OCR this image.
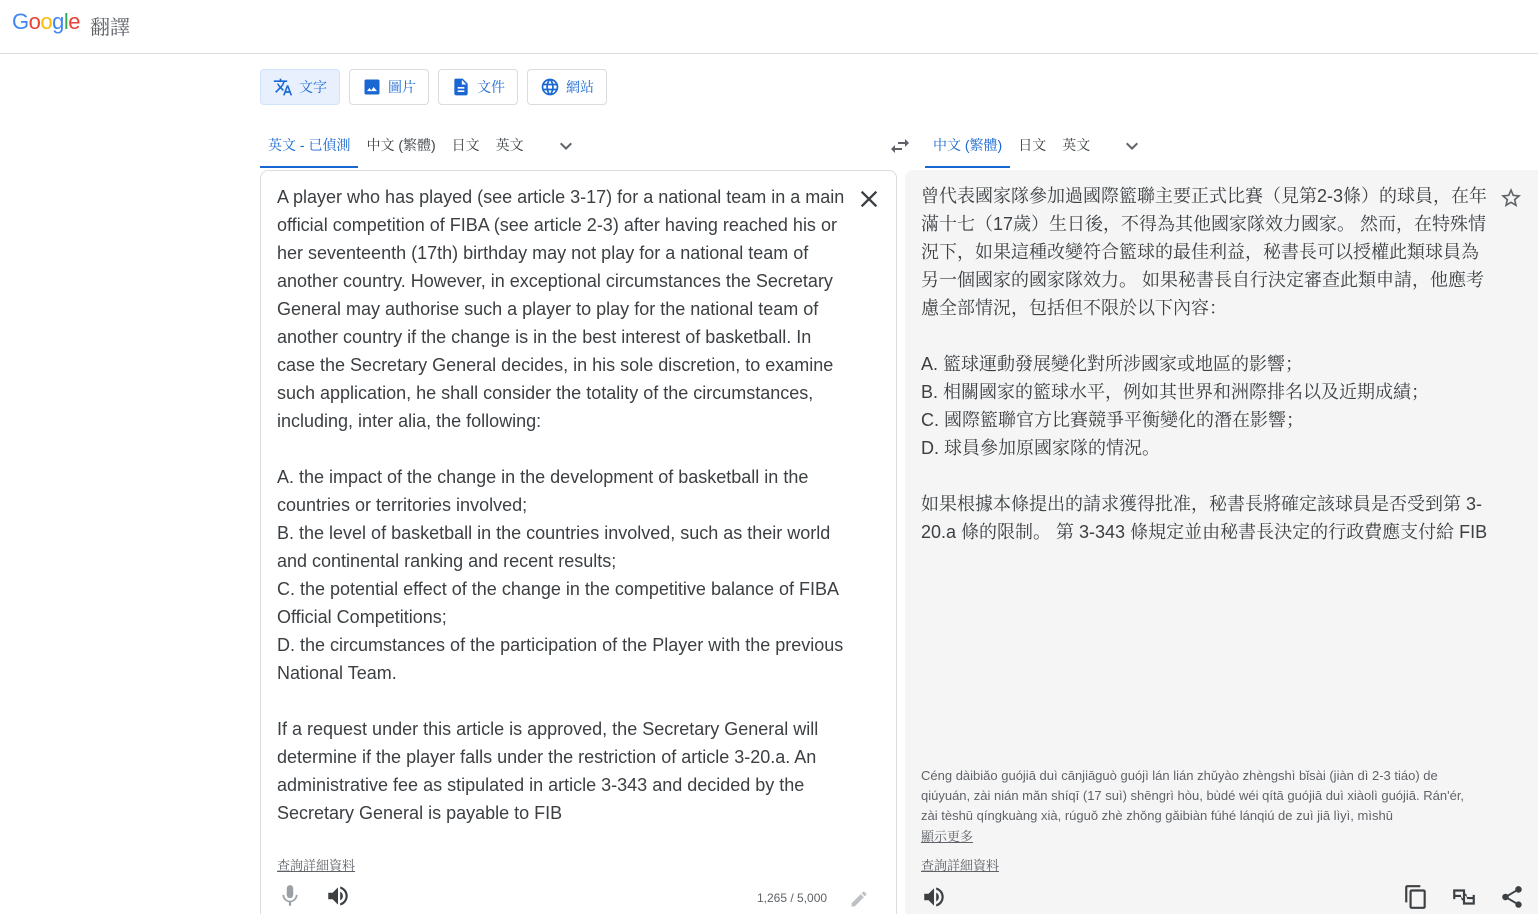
Google 翻譯
文字	圖片	文件	網站
英文 - 已偵測	中文 (繁體)	日文	英文	中文 (繁體)	日文	英文
A player who has played (see article 3-17) for a national team in a main official competition of FIBA (see article 2-3) after having reached his or her seventeenth (17th) birthday may not play for a national team of another country. However, in exceptional circumstances the Secretary General may authorise such a player to play for the national team of another country if the change is in the best interest of basketball. In case the Secretary General decides, in his sole discretion, to examine such application, he shall consider the totality of the circumstances, including, inter alia, the following:

A. the impact of the change in the development of basketball in the countries or territories involved;
B. the level of basketball in the countries involved, such as their world and continental ranking and recent results;
C. the potential effect of the change in the competitive balance of FIBA Official Competitions;
D. the circumstances of the participation of the Player with the previous National Team.

If a request under this article is approved, the Secretary General will determine if the player falls under the restriction of article 3-20.a. An administrative fee as stipulated in article 3-343 and decided by the Secretary General is payable to FIB
查詢詳細資料
1,265 / 5,000
曾代表國家隊參加過國際籃聯主要正式比賽（見第2-3條）的球員，在年滿十七（17歲）生日後，不得為其他國家隊效力國家。 然而，在特殊情況下，如果這種改變符合籃球的最佳利益，秘書長可以授權此類球員為另一個國家的國家隊效力。 如果秘書長自行決定審查此類申請，他應考慮全部情況，包括但不限於以下內容：

A. 籃球運動發展變化對所涉國家或地區的影響；
B. 相關國家的籃球水平，例如其世界和洲際排名以及近期成績；
C. 國際籃聯官方比賽競爭平衡變化的潛在影響；
D. 球員參加原國家隊的情況。

如果根據本條提出的請求獲得批准，秘書長將確定該球員是否受到第 3-20.a 條的限制。 第 3-343 條規定並由秘書長決定的行政費應支付給 FIB
Céng dàibiǎo guójiā duì cānjiāguò guójì lán lián zhǔyào zhèngshì bǐsài (jiàn dì 2-3 tiáo) de qiúyuán, zài nián mǎn shíqī (17 suì) shēngrì hòu, bùdé wéi qítā guójiā duì xiàolì guójiā. Rán'ér, zài tèshū qíngkuàng xià, rúguǒ zhè zhǒng gǎibiàn fúhé lánqiú de zuì jiā lìyì, mìshū
顯示更多
查詢詳細資料
